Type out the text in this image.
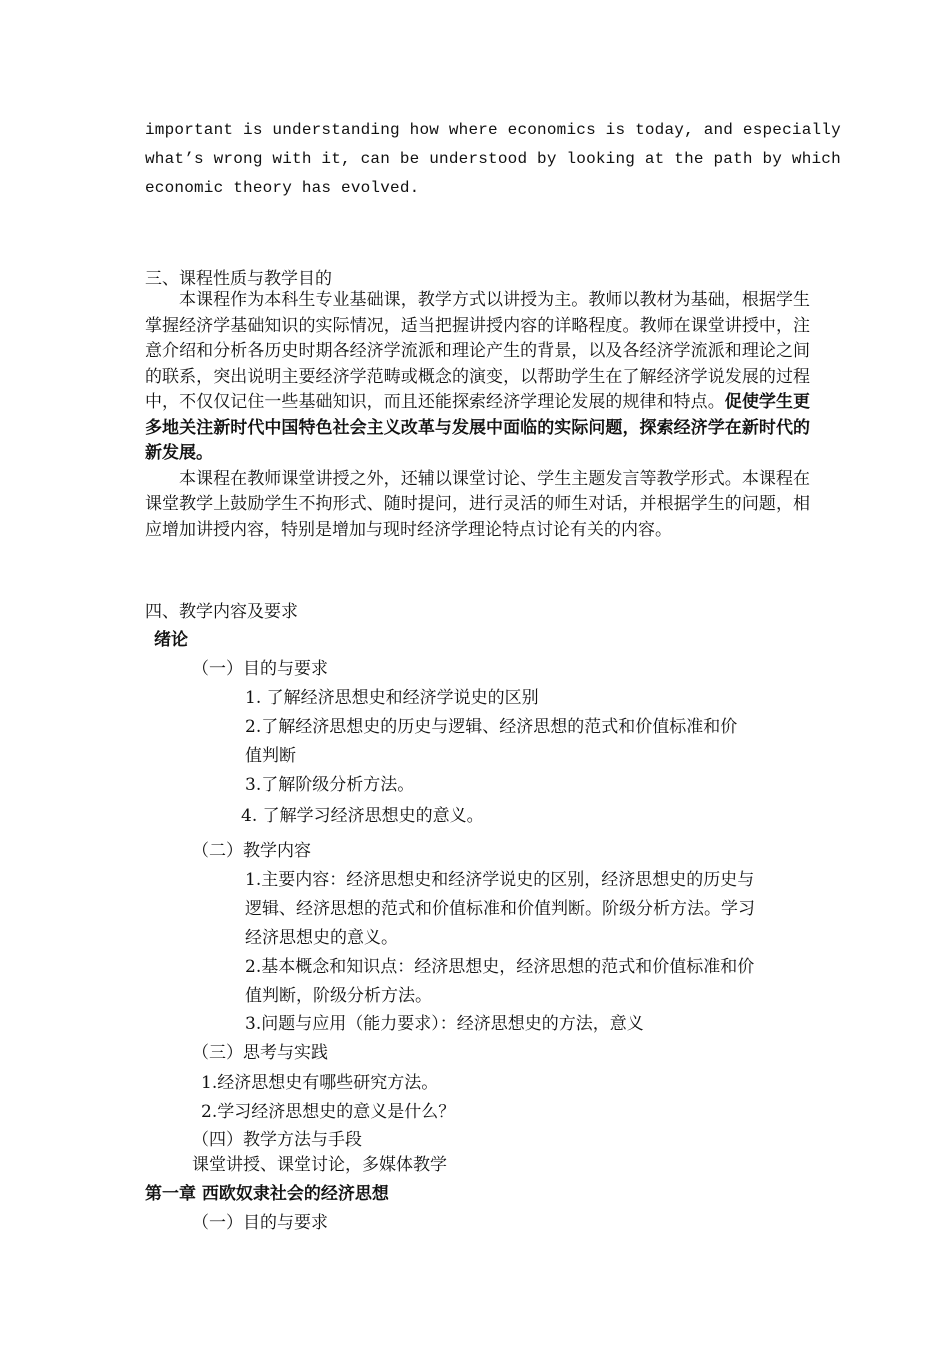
important is understanding how where economics is today, and especially
what’s wrong with it, can be understood by looking at the path by which
economic theory has evolved.
三、课程性质与教学目的

本课程作为本科生专业基础课，教学方式以讲授为主。教师以教材为基础，根据学生掌握经济学基础知识的实际情况，适当把握讲授内容的详略程度。教师在课堂讲授中，注意介绍和分析各历史时期各经济学流派和理论产生的背景，以及各经济学流派和理论之间的联系，突出说明主要经济学范畴或概念的演变，以帮助学生在了解经济学说发展的过程中，不仅仅记住一些基础知识，而且还能探索经济学理论发展的规律和特点。促使学生更多地关注新时代中国特色社会主义改革与发展中面临的实际问题，探索经济学在新时代的新发展。

本课程在教师课堂讲授之外，还辅以课堂讨论、学生主题发言等教学形式。本课程在课堂教学上鼓励学生不拘形式、随时提问，进行灵活的师生对话，并根据学生的问题，相应增加讲授内容，特别是增加与现时经济学理论特点讨论有关的内容。

四、教学内容及要求
绪论
（一）目的与要求
1. 了解经济思想史和经济学说史的区别
2.了解经济思想史的历史与逻辑、经济思想的范式和价值标准和价
值判断
3.了解阶级分析方法。
4. 了解学习经济思想史的意义。
（二）教学内容
1.主要内容：经济思想史和经济学说史的区别，经济思想史的历史与
逻辑、经济思想的范式和价值标准和价值判断。阶级分析方法。学习
经济思想史的意义。
2.基本概念和知识点：经济思想史，经济思想的范式和价值标准和价
值判断，阶级分析方法。
3.问题与应用（能力要求）：经济思想史的方法，意义
（三）思考与实践
1.经济思想史有哪些研究方法。
2.学习经济思想史的意义是什么？
（四）教学方法与手段
课堂讲授、课堂讨论，多媒体教学
第一章 西欧奴隶社会的经济思想
（一）目的与要求
